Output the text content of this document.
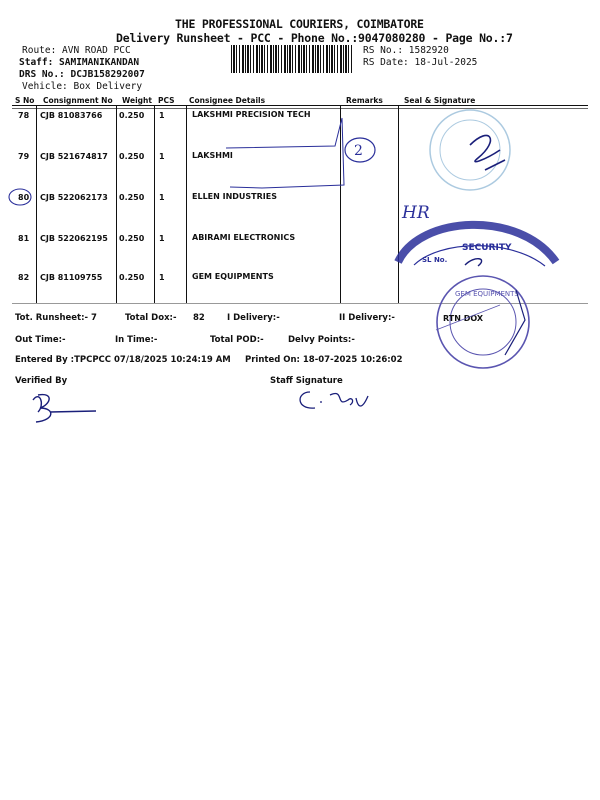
THE PROFESSIONAL COURIERS, COIMBATORE
Delivery Runsheet - PCC - Phone No.:9047080280 - Page No.:7
Route: AVN ROAD PCC
Staff: SAMIMANIKANDAN
DRS No.: DCJB158292007
Vehicle: Box Delivery
RS No.: 1582920
RS Date: 18-Jul-2025
S No Consignment No Weight PCS Consignee Details	Remarks	Seal & Signature
78 CJB 81083766 0.250 1	LAKSHMI PRECISION TECH
79 CJB 521674817 0.250 1	LAKSHMI
80 CJB 522062173 0.250 1	ELLEN INDUSTRIES
81 CJB 522062195 0.250 1	ABIRAMI ELECTRONICS
82 CJB 81109755 0.250 1	GEM EQUIPMENTS
Tot. Runsheet:- 7	Total Dox:- 82	I Delivery:-	II Delivery:-
Out Time:-	In Time:-	Total POD:-	Delvy Points:-
Entered By :TPCPCC 07/18/2025 10:24:19 AM Printed On: 18-07-2025 10:26:02
Verified By	Staff Signature
2
HR
SECURITY
SL No.
GEM EQUIPMENTS
RTN DOX
